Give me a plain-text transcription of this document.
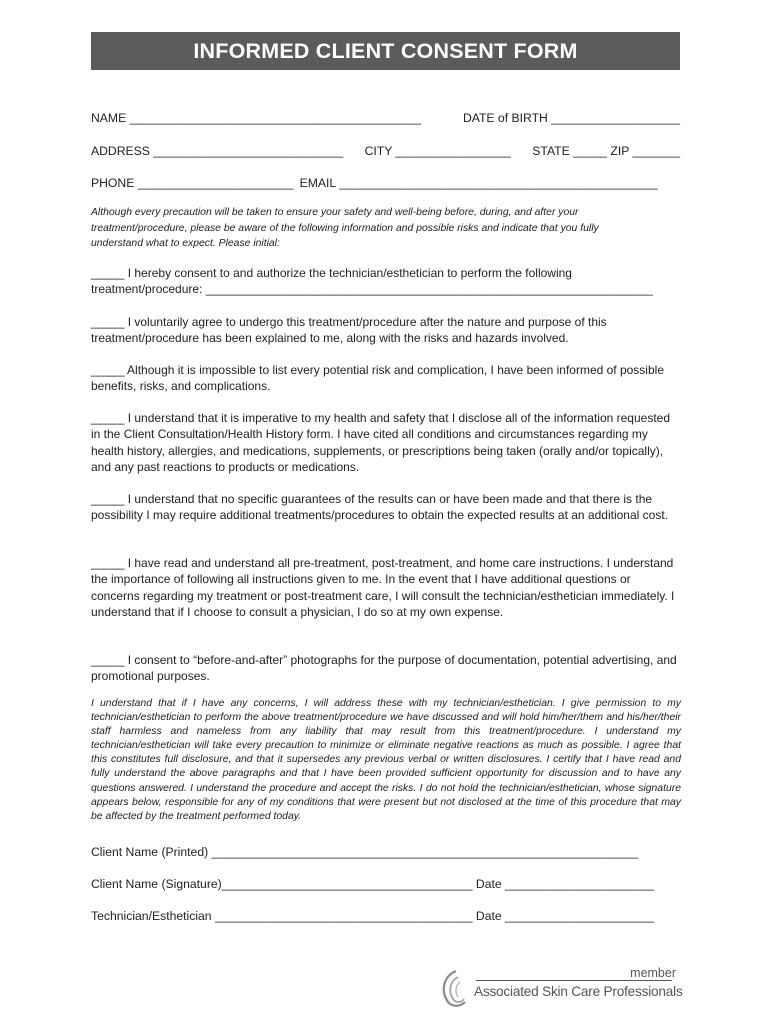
INFORMED CLIENT CONSENT FORM
NAME ___________________________________________	DATE of BIRTH ___________________
ADDRESS ____________________________ CITY _________________ STATE _____ ZIP _______
PHONE _______________________ EMAIL _______________________________________________
Although every precaution will be taken to ensure your safety and well-being before, during, and after your treatment/procedure, please be aware of the following information and possible risks and indicate that you fully understand what to expect. Please initial:
_____ I hereby consent to and authorize the technician/esthetician to perform the following treatment/procedure: ___________________________________________________________________
_____ I voluntarily agree to undergo this treatment/procedure after the nature and purpose of this treatment/procedure has been explained to me, along with the risks and hazards involved.
_____ Although it is impossible to list every potential risk and complication, I have been informed of possible benefits, risks, and complications.
_____ I understand that it is imperative to my health and safety that I disclose all of the information requested in the Client Consultation/Health History form. I have cited all conditions and circumstances regarding my health history, allergies, and medications, supplements, or prescriptions being taken (orally and/or topically), and any past reactions to products or medications.
_____ I understand that no specific guarantees of the results can or have been made and that there is the possibility I may require additional treatments/procedures to obtain the expected results at an additional cost.
_____ I have read and understand all pre-treatment, post-treatment, and home care instructions. I understand the importance of following all instructions given to me. In the event that I have additional questions or concerns regarding my treatment or post-treatment care, I will consult the technician/esthetician immediately. I understand that if I choose to consult a physician, I do so at my own expense.
_____ I consent to “before-and-after” photographs for the purpose of documentation, potential advertising, and promotional purposes.
I understand that if I have any concerns, I will address these with my technician/esthetician. I give permission to my technician/esthetician to perform the above treatment/procedure we have discussed and will hold him/her/them and his/her/their staff harmless and nameless from any liability that may result from this treatment/procedure. I understand my technician/esthetician will take every precaution to minimize or eliminate negative reactions as much as possible. I agree that this constitutes full disclosure, and that it supersedes any previous verbal or written disclosures. I certify that I have read and fully understand the above paragraphs and that I have been provided sufficient opportunity for discussion and to have any questions answered. I understand the procedure and accept the risks. I do not hold the technician/esthetician, whose signature appears below, responsible for any of my conditions that were present but not disclosed at the time of this procedure that may be affected by the treatment performed today.
Client Name (Printed) _______________________________________________________________
Client Name (Signature)_____________________________________ Date ______________________
Technician/Esthetician ______________________________________ Date ______________________
member
Associated Skin Care Professionals
